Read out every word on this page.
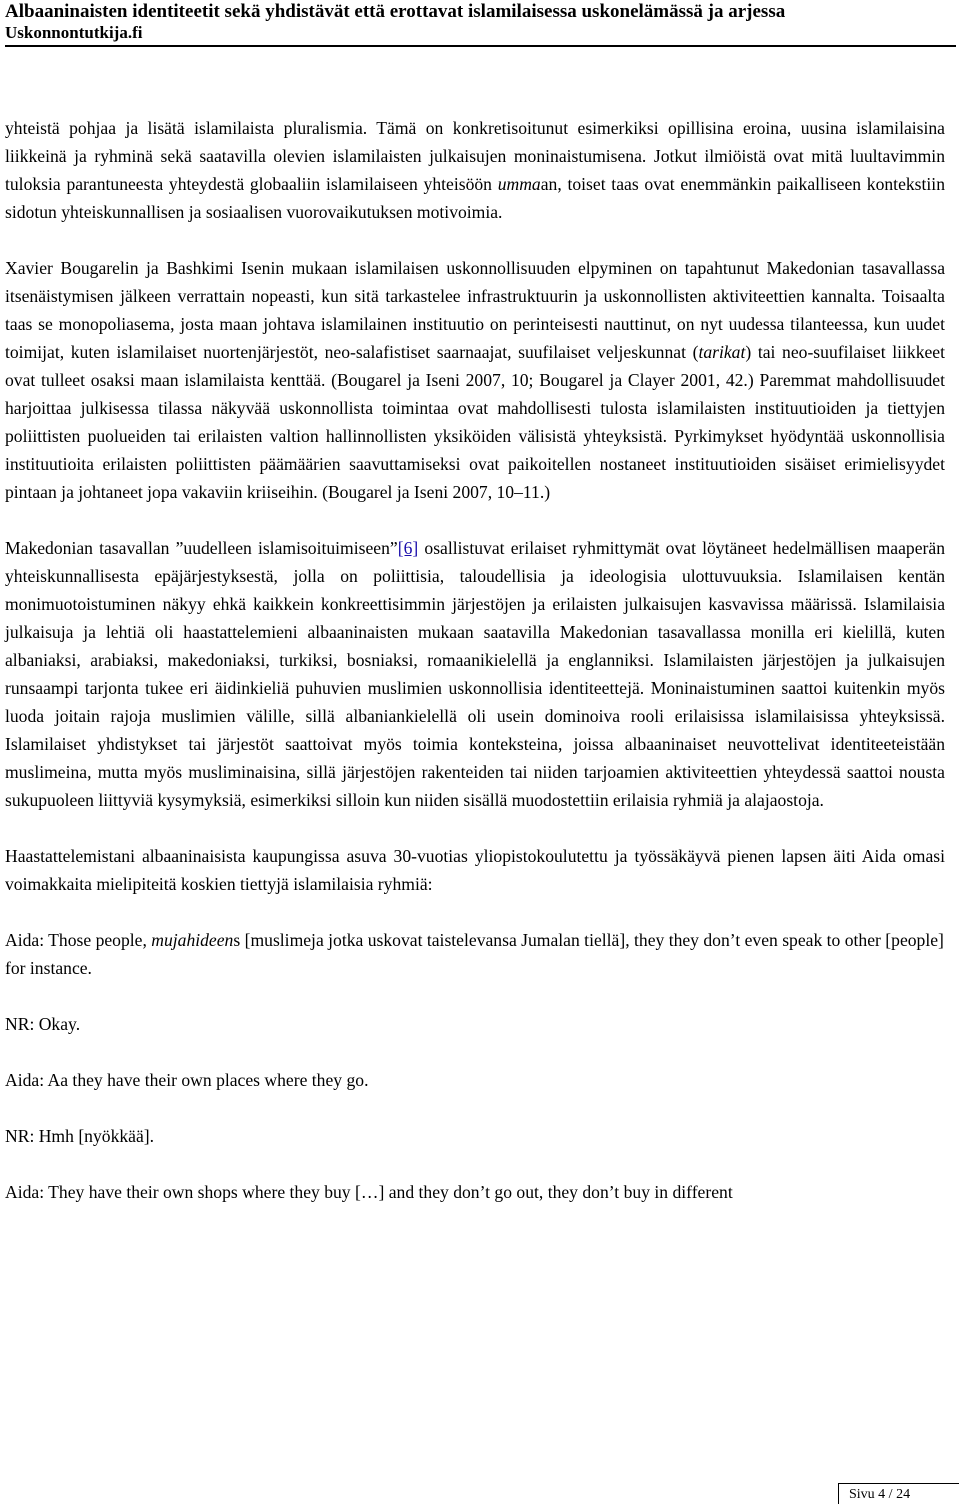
Albaaninaisten identiteetit sekä yhdistävät että erottavat islamilaisessa uskonelämässä ja arjessa
Uskonnontutkija.fi

yhteistä pohjaa ja lisätä islamilaista pluralismia. Tämä on konkretisoitunut esimerkiksi opillisina eroina, uusina islamilaisina liikkeinä ja ryhminä sekä saatavilla olevien islamilaisten julkaisujen moninaistumisena. Jotkut ilmiöistä ovat mitä luultavimmin tuloksia parantuneesta yhteydestä globaaliin islamilaiseen yhteisöön ummaan, toiset taas ovat enemmänkin paikalliseen kontekstiin sidotun yhteiskunnallisen ja sosiaalisen vuorovaikutuksen motivoimia.

Xavier Bougarelin ja Bashkimi Isenin mukaan islamilaisen uskonnollisuuden elpyminen on tapahtunut Makedonian tasavallassa itsenäistymisen jälkeen verrattain nopeasti, kun sitä tarkastelee infrastruktuurin ja uskonnollisten aktiviteettien kannalta. Toisaalta taas se monopoliasema, josta maan johtava islamilainen instituutio on perinteisesti nauttinut, on nyt uudessa tilanteessa, kun uudet toimijat, kuten islamilaiset nuortenjärjestöt, neo-salafistiset saarnaajat, suufilaiset veljeskunnat (tarikat) tai neo-suufilaiset liikkeet ovat tulleet osaksi maan islamilaista kenttää. (Bougarel ja Iseni 2007, 10; Bougarel ja Clayer 2001, 42.) Paremmat mahdollisuudet harjoittaa julkisessa tilassa näkyvää uskonnollista toimintaa ovat mahdollisesti tulosta islamilaisten instituutioiden ja tiettyjen poliittisten puolueiden tai erilaisten valtion hallinnollisten yksiköiden välisistä yhteyksistä. Pyrkimykset hyödyntää uskonnollisia instituutioita erilaisten poliittisten päämäärien saavuttamiseksi ovat paikoitellen nostaneet instituutioiden sisäiset erimielisyydet pintaan ja johtaneet jopa vakaviin kriiseihin. (Bougarel ja Iseni 2007, 10–11.)

Makedonian tasavallan ”uudelleen islamisoituimiseen”[6] osallistuvat erilaiset ryhmittymät ovat löytäneet hedelmällisen maaperän yhteiskunnallisesta epäjärjestyksestä, jolla on poliittisia, taloudellisia ja ideologisia ulottuvuuksia. Islamilaisen kentän monimuotoistuminen näkyy ehkä kaikkein konkreettisimmin järjestöjen ja erilaisten julkaisujen kasvavissa määrissä. Islamilaisia julkaisuja ja lehtiä oli haastattelemieni albaaninaisten mukaan saatavilla Makedonian tasavallassa monilla eri kielillä, kuten albaniaksi, arabiaksi, makedoniaksi, turkiksi, bosniaksi, romaanikielellä ja englanniksi. Islamilaisten järjestöjen ja julkaisujen runsaampi tarjonta tukee eri äidinkieliä puhuvien muslimien uskonnollisia identiteettejä. Moninaistuminen saattoi kuitenkin myös luoda joitain rajoja muslimien välille, sillä albaniankielellä oli usein dominoiva rooli erilaisissa islamilaisissa yhteyksissä. Islamilaiset yhdistykset tai järjestöt saattoivat myös toimia konteksteina, joissa albaaninaiset neuvottelivat identiteeteistään muslimeina, mutta myös musliminaisina, sillä järjestöjen rakenteiden tai niiden tarjoamien aktiviteettien yhteydessä saattoi nousta sukupuoleen liittyviä kysymyksiä, esimerkiksi silloin kun niiden sisällä muodostettiin erilaisia ryhmiä ja alajaostoja.

Haastattelemistani albaaninaisista kaupungissa asuva 30-vuotias yliopistokoulutettu ja työssäkäyvä pienen lapsen äiti Aida omasi voimakkaita mielipiteitä koskien tiettyjä islamilaisia ryhmiä:

Aida: Those people, mujahideens [muslimeja jotka uskovat taistelevansa Jumalan tiellä], they they don’t even speak to other [people] for instance.

NR: Okay.

Aida: Aa they have their own places where they go.

NR: Hmh [nyökkää].

Aida: They have their own shops where they buy […] and they don’t go out, they don’t buy in different

Sivu 4 / 24
